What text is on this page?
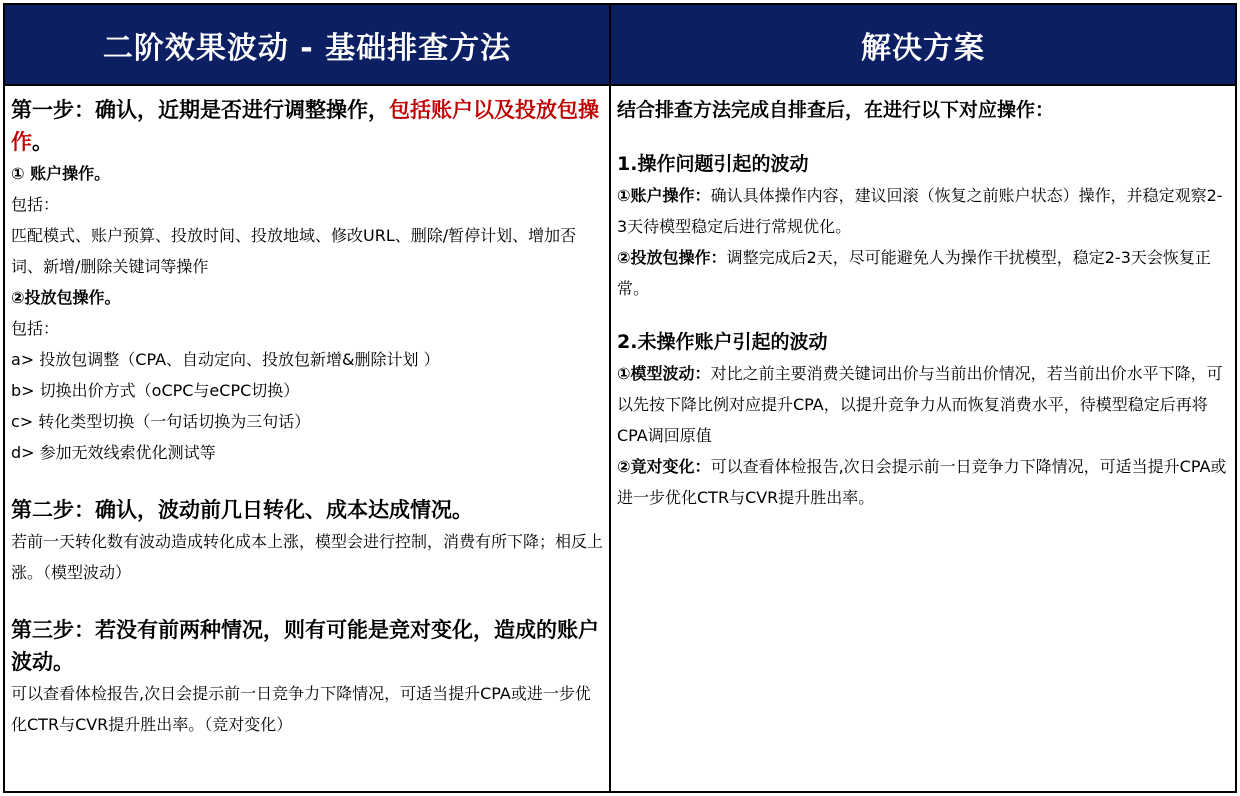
二阶效果波动 - 基础排查方法	解决方案

第一步：确认，近期是否进行调整操作，包括账户以及投放包操作。

① 账户操作。
包括：
匹配模式、账户预算、投放时间、投放地域、修改URL、删除/暂停计划、增加否词、新增/删除关键词等操作
②投放包操作。
包括：
a> 投放包调整（CPA、自动定向、投放包新增&删除计划 ）
b> 切换出价方式（oCPC与eCPC切换）
c> 转化类型切换（一句话切换为三句话）
d> 参加无效线索优化测试等

第二步：确认，波动前几日转化、成本达成情况。

若前一天转化数有波动造成转化成本上涨，模型会进行控制，消费有所下降；相反上涨。（模型波动）

第三步：若没有前两种情况，则有可能是竞对变化，造成的账户波动。

可以查看体检报告,次日会提示前一日竞争力下降情况，可适当提升CPA或进一步优化CTR与CVR提升胜出率。（竞对变化）
结合排查方法完成自排查后，在进行以下对应操作：
1.操作问题引起的波动
①账户操作：确认具体操作内容，建议回滚（恢复之前账户状态）操作，并稳定观察2-3天待模型稳定后进行常规优化。
②投放包操作：调整完成后2天，尽可能避免人为操作干扰模型，稳定2-3天会恢复正常。
2.未操作账户引起的波动
①模型波动：对比之前主要消费关键词出价与当前出价情况，若当前出价水平下降，可以先按下降比例对应提升CPA，以提升竞争力从而恢复消费水平，待模型稳定后再将CPA调回原值
②竟对变化：可以查看体检报告,次日会提示前一日竞争力下降情况，可适当提升CPA或进一步优化CTR与CVR提升胜出率。
